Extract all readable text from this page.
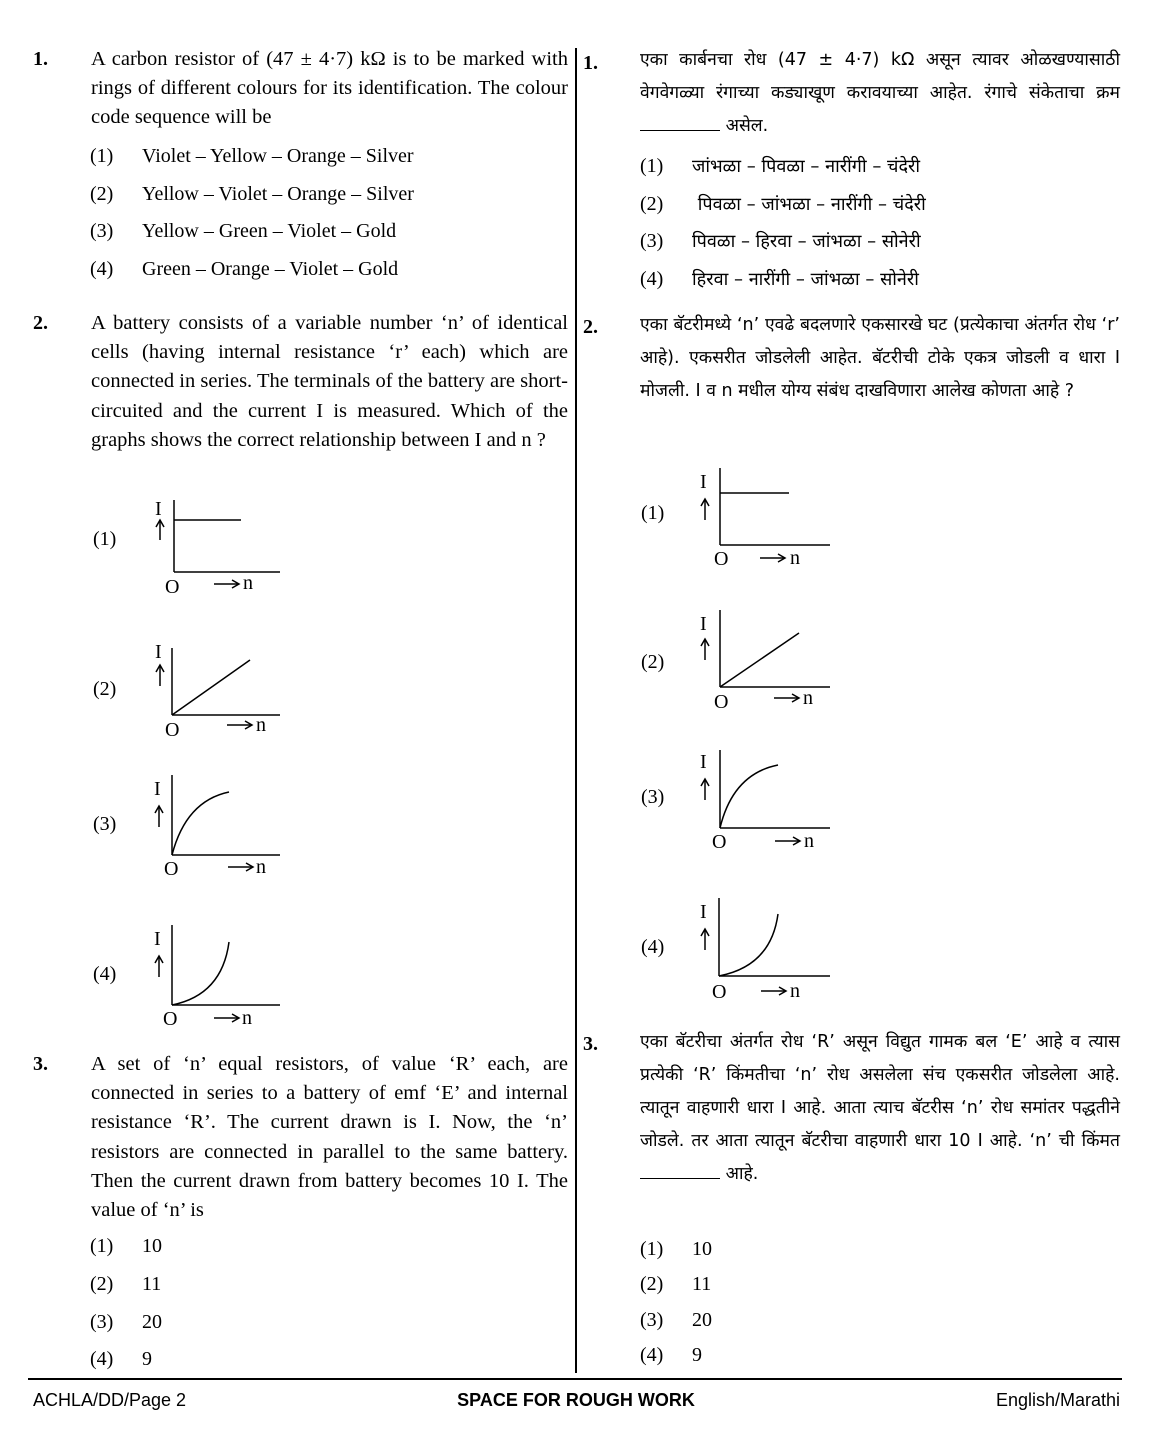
1. A carbon resistor of (47 ± 4·7) kΩ is to be marked with rings of different colours for its identification. The colour code sequence will be
(1) Violet – Yellow – Orange – Silver
(2) Yellow – Violet – Orange – Silver
(3) Yellow – Green – Violet – Gold
(4) Green – Orange – Violet – Gold
2. A battery consists of a variable number ‘n’ of identical cells (having internal resistance ‘r’ each) which are connected in series. The terminals of the battery are short-circuited and the current I is measured. Which of the graphs shows the correct relationship between I and n ?
(1)
I
O	n
(2)
I
O	n
(3)
I
O	n
(4)
I
O	n
3. A set of ‘n’ equal resistors, of value ‘R’ each, are connected in series to a battery of emf ‘E’ and internal resistance ‘R’. The current drawn is I. Now, the ‘n’ resistors are connected in parallel to the same battery. Then the current drawn from battery becomes 10 I. The value of ‘n’ is
(1) 10
(2) 11
(3) 20
(4) 9
1. एका कार्बनचा रोध (47 ± 4·7) kΩ असून त्यावर ओळखण्यासाठी वेगवेगळ्या रंगाच्या कड्याखूण करावयाच्या आहेत. रंगाचे संकेताचा क्रम  असेल.
(1) जांभळा – पिवळा – नारींगी – चंदेरी
(2) पिवळा – जांभळा – नारींगी – चंदेरी
(3) पिवळा – हिरवा – जांभळा – सोनेरी
(4) हिरवा – नारींगी – जांभळा – सोनेरी
2. एका बॅटरीमध्ये ‘n’ एवढे बदलणारे एकसारखे घट (प्रत्येकाचा अंतर्गत रोध ‘r’ आहे). एकसरीत जोडलेली आहेत. बॅटरीची टोके एकत्र जोडली व धारा I मोजली. I व n मधील योग्य संबंध दाखविणारा आलेख कोणता आहे ?
(1)
I
O	n
(2)
I
O	n
(3)
I
O	n
(4)
I
O	n
3. एका बॅटरीचा अंतर्गत रोध ‘R’ असून विद्युत गामक बल ‘E’ आहे व त्यास प्रत्येकी ‘R’ किंमतीचा ‘n’ रोध असलेला संच एकसरीत जोडलेला आहे. त्यातून वाहणारी धारा I आहे. आता त्याच बॅटरीस ‘n’ रोध समांतर पद्धतीने जोडले. तर आता त्यातून बॅटरीचा वाहणारी धारा 10 I आहे. ‘n’ ची किंमत  आहे.
(1) 10
(2) 11
(3) 20
(4) 9
ACHLA/DD/Page 2	SPACE FOR ROUGH WORK	English/Marathi
